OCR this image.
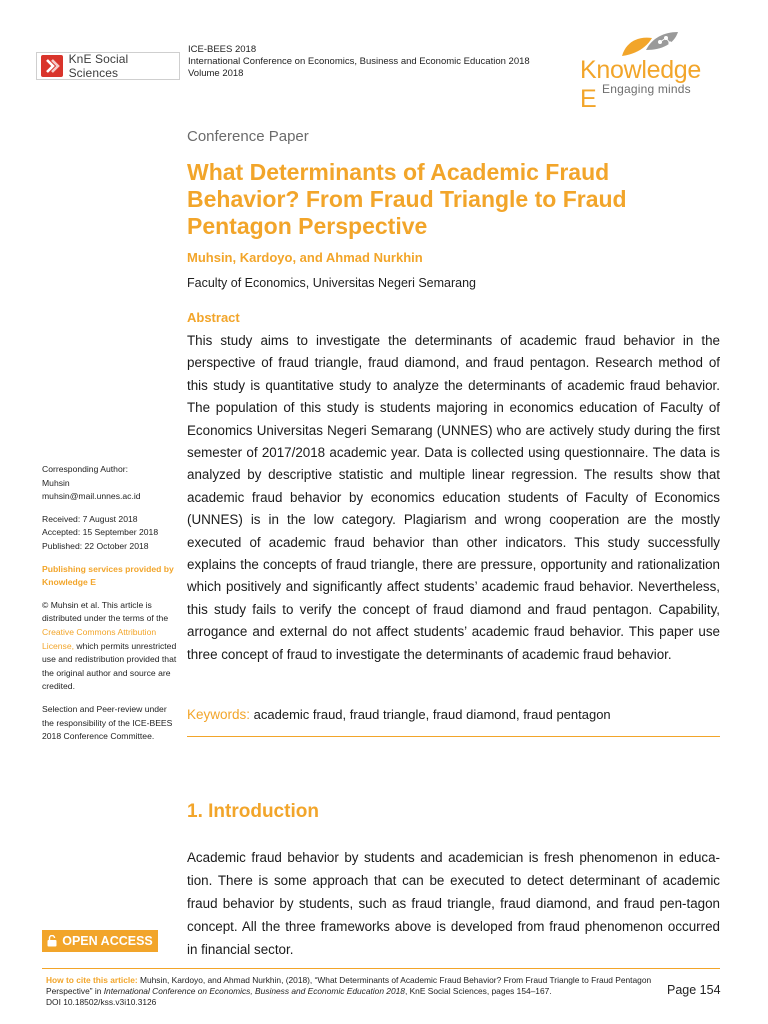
KnE Social Sciences
ICE-BEES 2018
International Conference on Economics, Business and Economic Education 2018
Volume 2018	Knowledge E Engaging minds
Conference Paper
What Determinants of Academic Fraud Behavior? From Fraud Triangle to Fraud Pentagon Perspective
Muhsin, Kardoyo, and Ahmad Nurkhin
Faculty of Economics, Universitas Negeri Semarang
Abstract
This study aims to investigate the determinants of academic fraud behavior in the perspective of fraud triangle, fraud diamond, and fraud pentagon. Research method of this study is quantitative study to analyze the determinants of academic fraud behavior. The population of this study is students majoring in economics education of Faculty of Economics Universitas Negeri Semarang (UNNES) who are actively study during the first semester of 2017/2018 academic year. Data is collected using questionnaire. The data is analyzed by descriptive statistic and multiple linear regression. The results show that academic fraud behavior by economics education students of Faculty of Economics (UNNES) is in the low category. Plagiarism and wrong cooperation are the mostly executed of academic fraud behavior than other indicators. This study successfully explains the concepts of fraud triangle, there are pressure, opportunity and rationalization which positively and significantly affect students’ academic fraud behavior. Nevertheless, this study fails to verify the concept of fraud diamond and fraud pentagon. Capability, arrogance and external do not affect students’ academic fraud behavior. This paper use three concept of fraud to investigate the determinants of academic fraud behavior.
Keywords: academic fraud, fraud triangle, fraud diamond, fraud pentagon
1. Introduction
Academic fraud behavior by students and academician is fresh phenomenon in educa-tion. There is some approach that can be executed to detect determinant of academic fraud behavior by students, such as fraud triangle, fraud diamond, and fraud pen-tagon concept. All the three frameworks above is developed from fraud phenomenon occurred in financial sector.
Corresponding Author:
Muhsin
muhsin@mail.unnes.ac.id
Received: 7 August 2018
Accepted: 15 September 2018
Published: 22 October 2018
Publishing services provided by Knowledge E
© Muhsin et al. This article is distributed under the terms of the Creative Commons Attribution License, which permits unrestricted use and redistribution provided that the original author and source are credited.
Selection and Peer-review under the responsibility of the ICE-BEES 2018 Conference Committee.
OPEN ACCESS
How to cite this article: Muhsin, Kardoyo, and Ahmad Nurkhin, (2018), “What Determinants of Academic Fraud Behavior? From Fraud Triangle to Fraud Pentagon Perspective” in International Conference on Economics, Business and Economic Education 2018, KnE Social Sciences, pages 154–167.
DOI 10.18502/kss.v3i10.3126
Page 154
